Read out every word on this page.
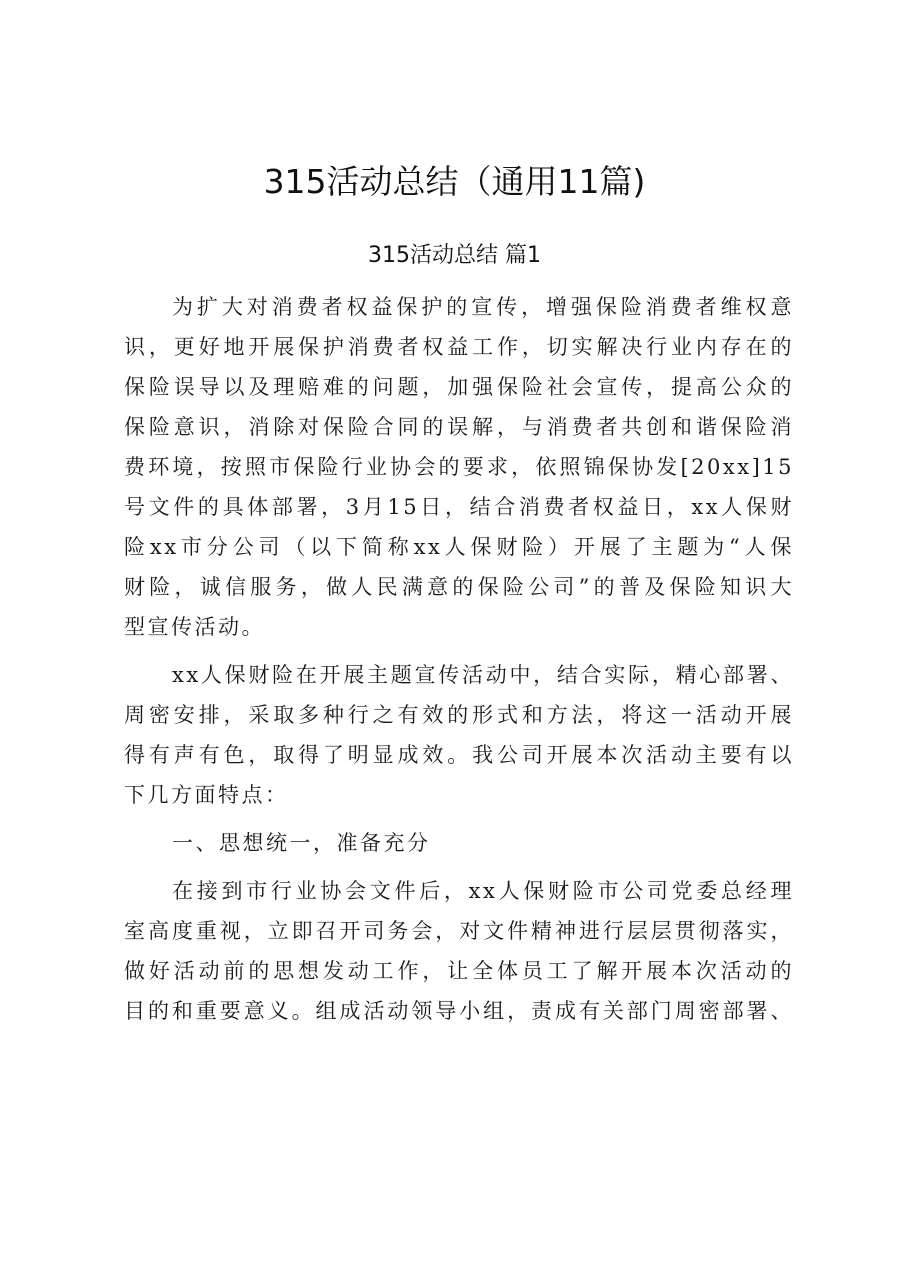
315活动总结（通用11篇)
315活动总结 篇1

为扩大对消费者权益保护的宣传，增强保险消费者维权意
识，更好地开展保护消费者权益工作，切实解决行业内存在的
保险误导以及理赔难的问题，加强保险社会宣传，提高公众的
保险意识，消除对保险合同的误解，与消费者共创和谐保险消
费环境，按照市保险行业协会的要求，依照锦保协发[20xx]15
号文件的具体部署，3月15日，结合消费者权益日，xx人保财
险xx市分公司（以下简称xx人保财险）开展了主题为“人保
财险，诚信服务，做人民满意的保险公司”的普及保险知识大
型宣传活动。

xx人保财险在开展主题宣传活动中，结合实际，精心部署、
周密安排，采取多种行之有效的形式和方法，将这一活动开展
得有声有色，取得了明显成效。我公司开展本次活动主要有以
下几方面特点：

一、思想统一，准备充分

在接到市行业协会文件后，xx人保财险市公司党委总经理
室高度重视，立即召开司务会，对文件精神进行层层贯彻落实，
做好活动前的思想发动工作，让全体员工了解开展本次活动的
目的和重要意义。组成活动领导小组，责成有关部门周密部署、
